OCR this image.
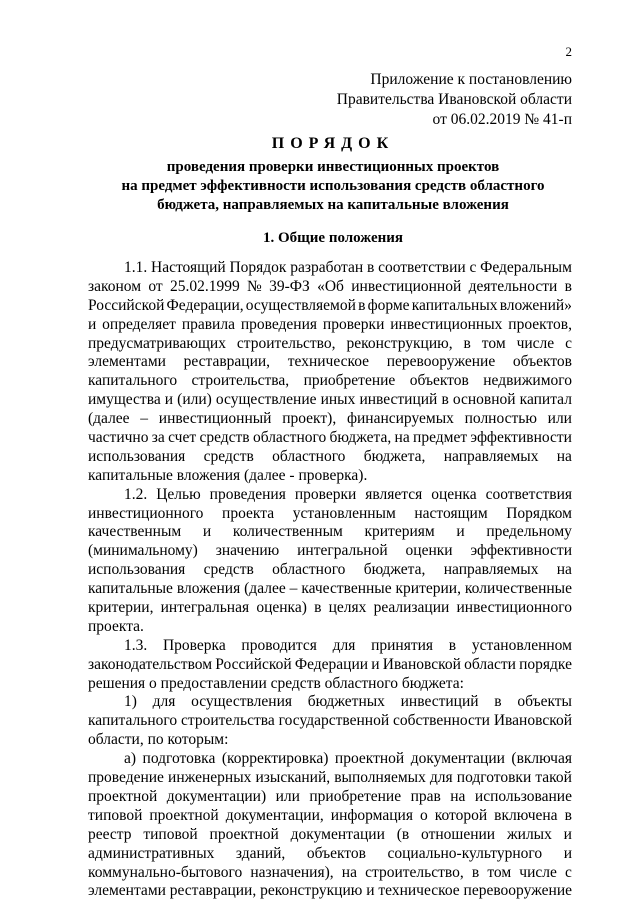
2
Приложение к постановлению
Правительства Ивановской области
от 06.02.2019 № 41-п
ПОРЯДОК
проведения проверки инвестиционных проектов
на предмет эффективности использования средств областного
бюджета, направляемых на капитальные вложения
1. Общие положения
1.1. Настоящий Порядок разработан в соответствии с Федеральным
законом от 25.02.1999 № 39-ФЗ «Об инвестиционной деятельности в
Российской Федерации, осуществляемой в форме капитальных вложений»
и определяет правила проведения проверки инвестиционных проектов,
предусматривающих строительство, реконструкцию, в том числе с
элементами реставрации, техническое перевооружение объектов
капитального строительства, приобретение объектов недвижимого
имущества и (или) осуществление иных инвестиций в основной капитал
(далее – инвестиционный проект), финансируемых полностью или
частично за счет средств областного бюджета, на предмет эффективности
использования средств областного бюджета, направляемых на
капитальные вложения (далее - проверка).
1.2. Целью проведения проверки является оценка соответствия
инвестиционного проекта установленным настоящим Порядком
качественным и количественным критериям и предельному
(минимальному) значению интегральной оценки эффективности
использования средств областного бюджета, направляемых на
капитальные вложения (далее – качественные критерии, количественные
критерии, интегральная оценка) в целях реализации инвестиционного
проекта.
1.3. Проверка проводится для принятия в установленном
законодательством Российской Федерации и Ивановской области порядке
решения о предоставлении средств областного бюджета:
1) для осуществления бюджетных инвестиций в объекты
капитального строительства государственной собственности Ивановской
области, по которым:
а) подготовка (корректировка) проектной документации (включая
проведение инженерных изысканий, выполняемых для подготовки такой
проектной документации) или приобретение прав на использование
типовой проектной документации, информация о которой включена в
реестр типовой проектной документации (в отношении жилых и
административных зданий, объектов социально-культурного и
коммунально-бытового назначения), на строительство, в том числе с
элементами реставрации, реконструкцию и техническое перевооружение
